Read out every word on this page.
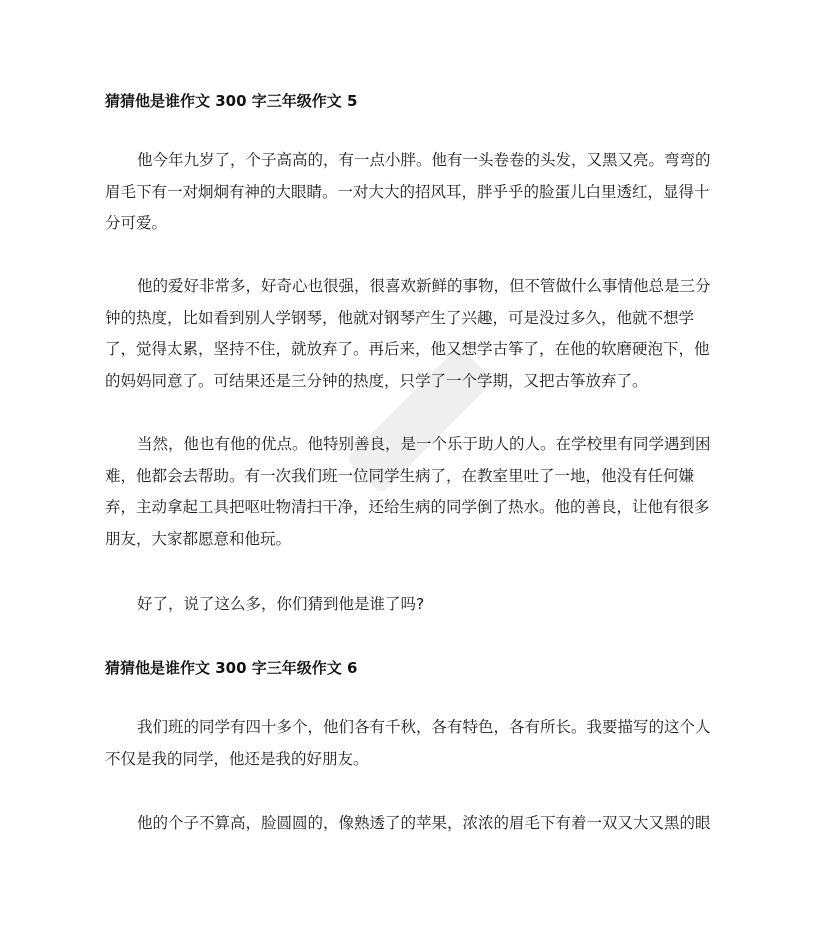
猜猜他是谁作文 300 字三年级作文 5
他今年九岁了，个子高高的，有一点小胖。他有一头卷卷的头发，又黑又亮。弯弯的
眉毛下有一对炯炯有神的大眼睛。一对大大的招风耳，胖乎乎的脸蛋儿白里透红，显得十
分可爱。
他的爱好非常多，好奇心也很强，很喜欢新鲜的事物，但不管做什么事情他总是三分
钟的热度，比如看到别人学钢琴，他就对钢琴产生了兴趣，可是没过多久，他就不想学
了，觉得太累，坚持不住，就放弃了。再后来，他又想学古筝了，在他的软磨硬泡下，他
的妈妈同意了。可结果还是三分钟的热度，只学了一个学期，又把古筝放弃了。
当然，他也有他的优点。他特别善良，是一个乐于助人的人。在学校里有同学遇到困
难，他都会去帮助。有一次我们班一位同学生病了，在教室里吐了一地，他没有任何嫌
弃，主动拿起工具把呕吐物清扫干净，还给生病的同学倒了热水。他的善良，让他有很多
朋友，大家都愿意和他玩。
好了，说了这么多，你们猜到他是谁了吗?
猜猜他是谁作文 300 字三年级作文 6
我们班的同学有四十多个，他们各有千秋，各有特色，各有所长。我要描写的这个人
不仅是我的同学，他还是我的好朋友。
他的个子不算高，脸圆圆的，像熟透了的苹果，浓浓的眉毛下有着一双又大又黑的眼
